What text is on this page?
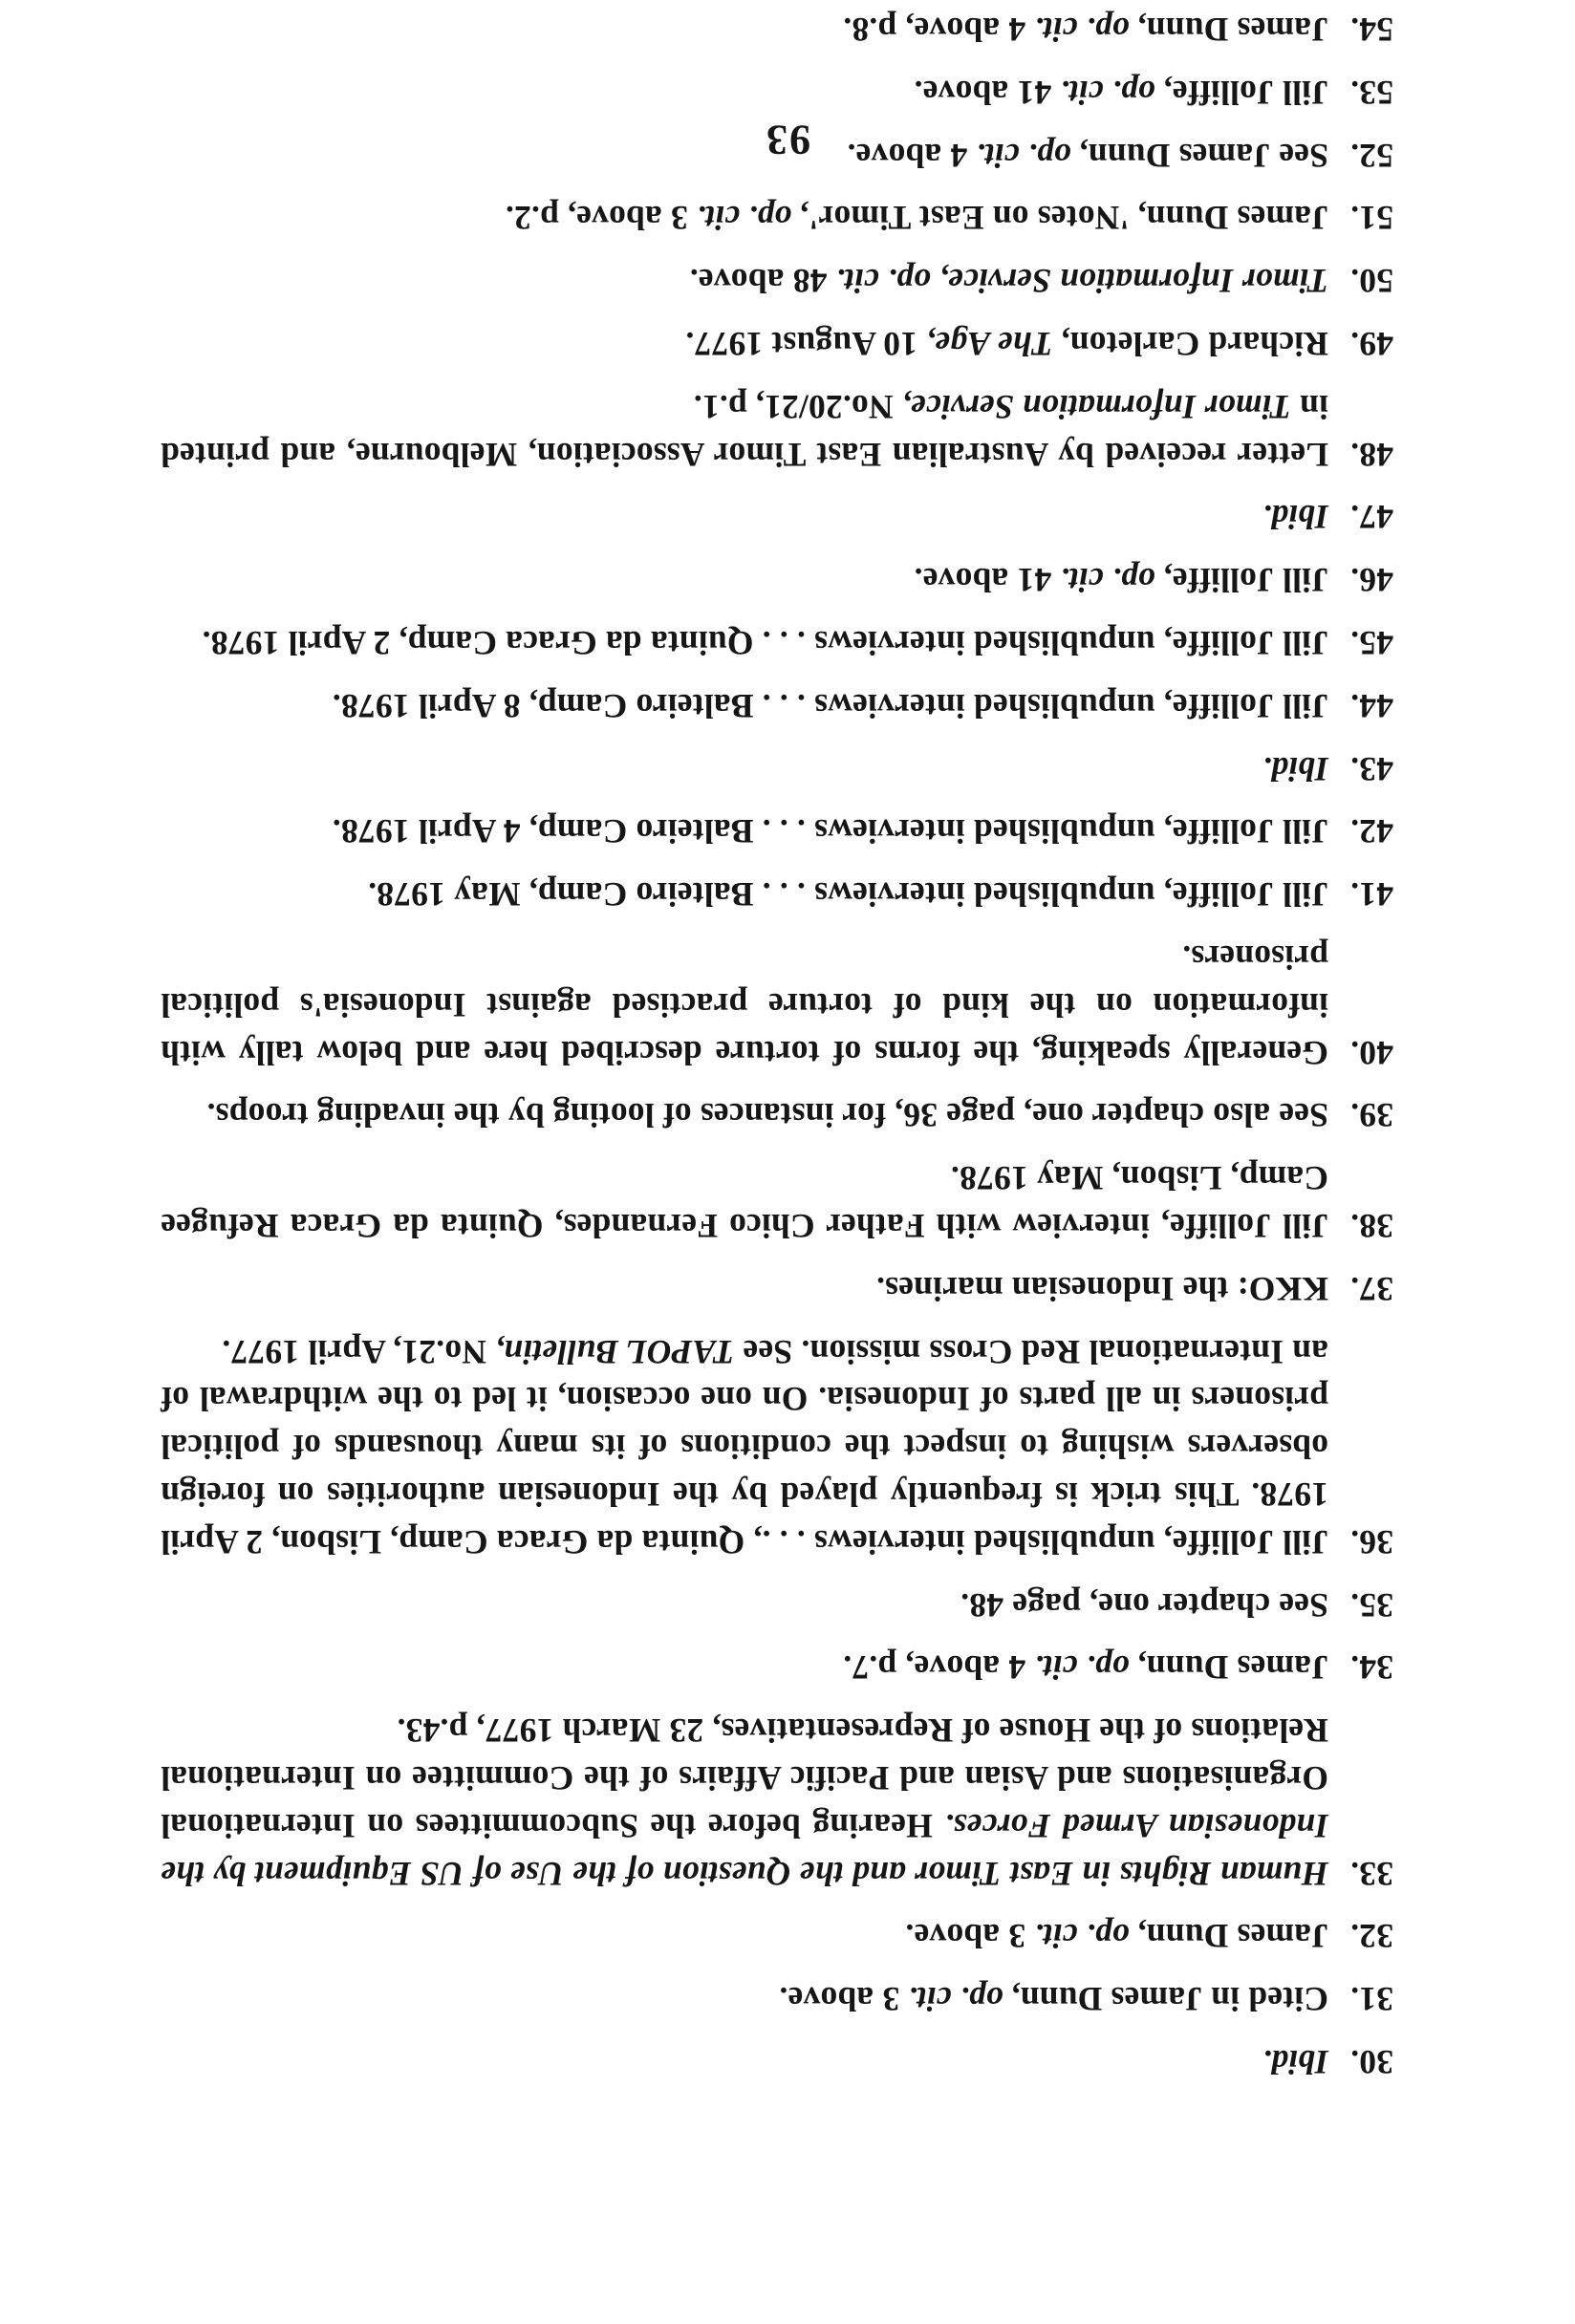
30.
Ibid.
31.
Cited in James Dunn, op. cit. 3 above.
32.
James Dunn, op. cit. 3 above.
33.
Human Rights in East Timor and the Question of the Use of US Equipment by the Indonesian Armed Forces. Hearing before the Subcommittees on International Organisations and Asian and Pacific Affairs of the Committee on International Relations of the House of Representatives, 23 March 1977, p.43.
34.
James Dunn, op. cit. 4 above, p.7.
35.
See chapter one, page 48.
36.
Jill Jolliffe, unpublished interviews . . ., Quinta da Graca Camp, Lisbon, 2 April 1978. This trick is frequently played by the Indonesian authorities on foreign observers wishing to inspect the conditions of its many thousands of political prisoners in all parts of Indonesia. On one occasion, it led to the withdrawal of an International Red Cross mission. See TAPOL Bulletin, No.21, April 1977.
37.
KKO: the Indonesian marines.
38.
Jill Jolliffe, interview with Father Chico Fernandes, Quinta da Graca Refugee Camp, Lisbon, May 1978.
39.
See also chapter one, page 36, for instances of looting by the invading troops.
40.
Generally speaking, the forms of torture described here and below tally with information on the kind of torture practised against Indonesia's political prisoners.
41.
Jill Jolliffe, unpublished interviews . . . Balteiro Camp, May 1978.
42.
Jill Jolliffe, unpublished interviews . . . Balteiro Camp, 4 April 1978.
43.
Ibid.
44.
Jill Jolliffe, unpublished interviews . . . Balteiro Camp, 8 April 1978.
45.
Jill Jolliffe, unpublished interviews . . . Quinta da Graca Camp, 2 April 1978.
46.
Jill Jolliffe, op. cit. 41 above.
47.
Ibid.
48.
Letter received by Australian East Timor Association, Melbourne, and printed in Timor Information Service, No.20/21, p.1.
49.
Richard Carleton, The Age, 10 August 1977.
50.
Timor Information Service, op. cit. 48 above.
51.
James Dunn, 'Notes on East Timor', op. cit. 3 above, p.2.
52.
See James Dunn, op. cit. 4 above.
53.
Jill Jolliffe, op. cit. 41 above.
54.
James Dunn, op. cit. 4 above, p.8.
93
